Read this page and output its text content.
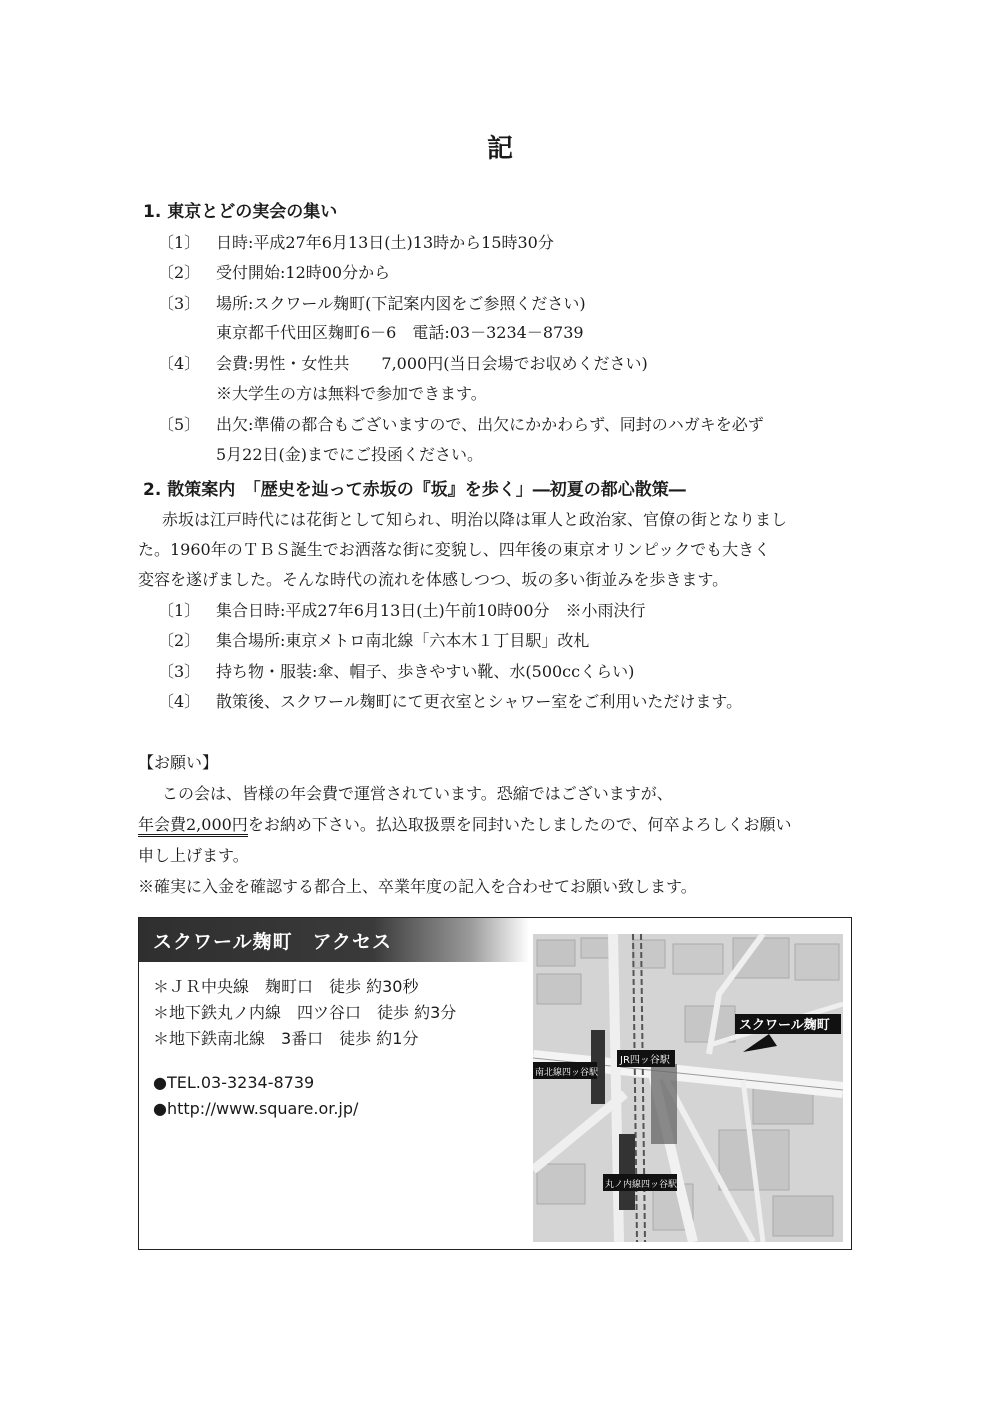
記
1. 東京とどの実会の集い
〔1〕 日時:平成27年6月13日(土)13時から15時30分
〔2〕 受付開始:12時00分から
〔3〕 場所:スクワール麹町(下記案内図をご参照ください)
東京都千代田区麹町6－6　電話:03－3234－8739
〔4〕 会費:男性・女性共　　7,000円(当日会場でお収めください)
※大学生の方は無料で参加できます。
〔5〕 出欠:準備の都合もございますので、出欠にかかわらず、同封のハガキを必ず
5月22日(金)までにご投函ください。
2. 散策案内　「歴史を辿って赤坂の『坂』を歩く」―初夏の都心散策―
赤坂は江戸時代には花街として知られ、明治以降は軍人と政治家、官僚の街となりまし
た。1960年のＴＢＳ誕生でお洒落な街に変貌し、四年後の東京オリンピックでも大きく
変容を遂げました。そんな時代の流れを体感しつつ、坂の多い街並みを歩きます。
〔1〕 集合日時:平成27年6月13日(土)午前10時00分　※小雨決行
〔2〕 集合場所:東京メトロ南北線「六本木１丁目駅」改札
〔3〕 持ち物・服装:傘、帽子、歩きやすい靴、水(500ccくらい)
〔4〕 散策後、スクワール麹町にて更衣室とシャワー室をご利用いただけます。
【お願い】
この会は、皆様の年会費で運営されています。恐縮ではございますが、
年会費2,000円をお納め下さい。払込取扱票を同封いたしましたので、何卒よろしくお願い
申し上げます。
※確実に入金を確認する都合上、卒業年度の記入を合わせてお願い致します。
スクワール麹町　アクセス
＊ＪＲ中央線　麹町口　徒歩 約30秒
＊地下鉄丸ノ内線　四ツ谷口　徒歩 約3分
＊地下鉄南北線　3番口　徒歩 約1分
●TEL.03-3234-8739
●http://www.square.or.jp/
スクワール麹町
JR四ッ谷駅
南北線四ッ谷駅
丸ノ内線四ッ谷駅
